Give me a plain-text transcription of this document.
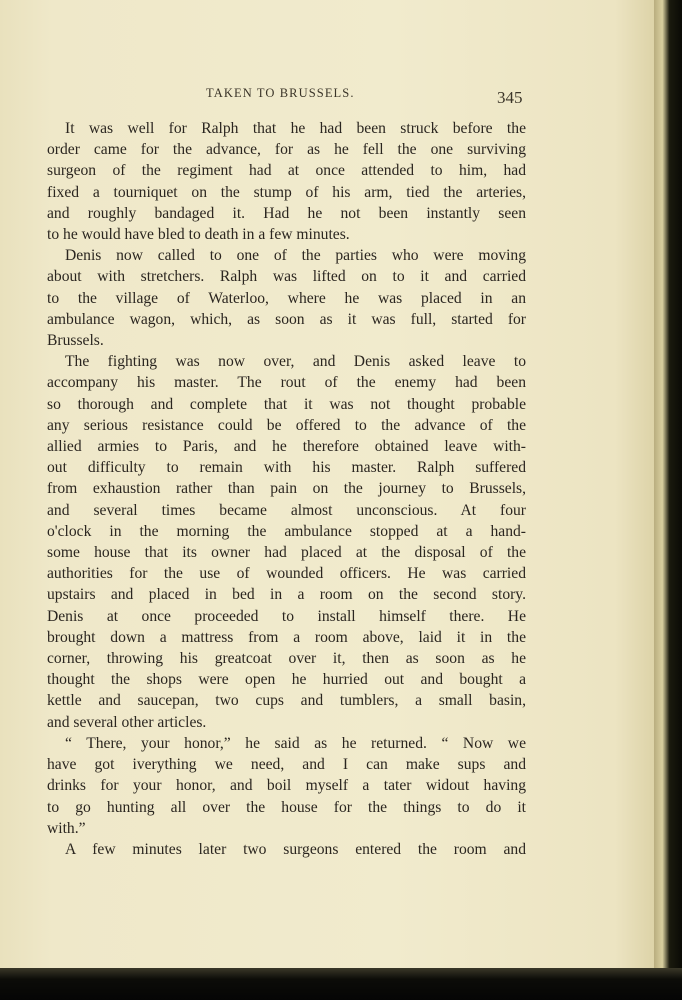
TAKEN TO BRUSSELS.	345
It was well for Ralph that he had been struck before the
order came for the advance, for as he fell the one surviving
surgeon of the regiment had at once attended to him, had
fixed a tourniquet on the stump of his arm, tied the arteries,
and roughly bandaged it. Had he not been instantly seen
to he would have bled to death in a few minutes.
Denis now called to one of the parties who were moving
about with stretchers. Ralph was lifted on to it and carried
to the village of Waterloo, where he was placed in an
ambulance wagon, which, as soon as it was full, started for
Brussels.
The fighting was now over, and Denis asked leave to
accompany his master. The rout of the enemy had been
so thorough and complete that it was not thought probable
any serious resistance could be offered to the advance of the
allied armies to Paris, and he therefore obtained leave with-
out difficulty to remain with his master. Ralph suffered
from exhaustion rather than pain on the journey to Brussels,
and several times became almost unconscious. At four
o'clock in the morning the ambulance stopped at a hand-
some house that its owner had placed at the disposal of the
authorities for the use of wounded officers. He was carried
upstairs and placed in bed in a room on the second story.
Denis at once proceeded to install himself there. He
brought down a mattress from a room above, laid it in the
corner, throwing his greatcoat over it, then as soon as he
thought the shops were open he hurried out and bought a
kettle and saucepan, two cups and tumblers, a small basin,
and several other articles.
“ There, your honor,” he said as he returned. “ Now we
have got iverything we need, and I can make sups and
drinks for your honor, and boil myself a tater widout having
to go hunting all over the house for the things to do it
with.”
A few minutes later two surgeons entered the room and
